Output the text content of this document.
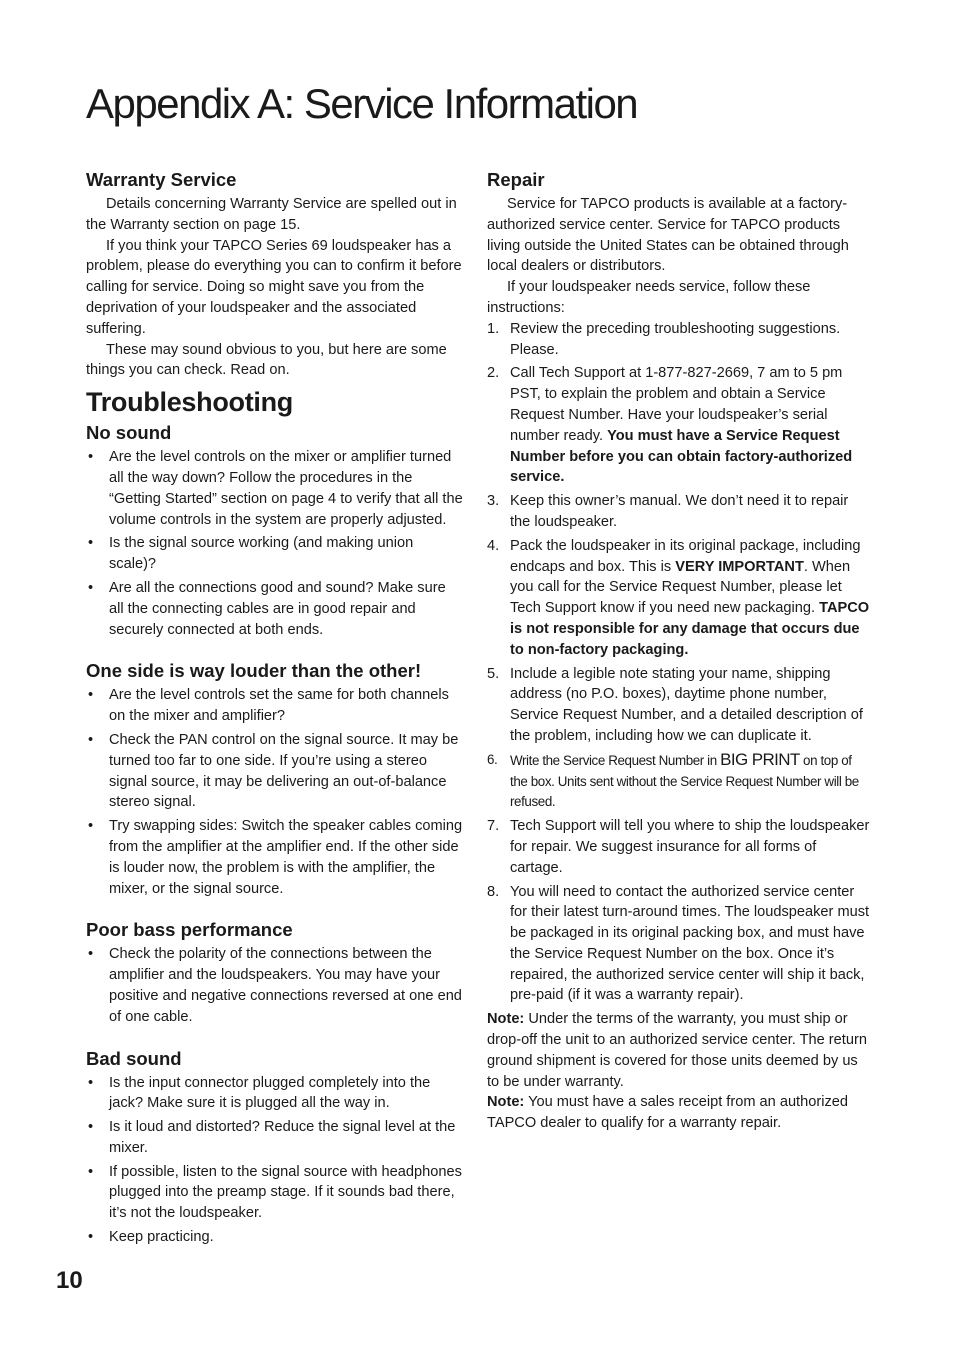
Appendix A: Service Information
Warranty Service

Details concerning Warranty Service are spelled out in the Warranty section on page 15.

If you think your TAPCO Series 69 loudspeaker has a problem, please do everything you can to confirm it before calling for service. Doing so might save you from the deprivation of your loudspeaker and the associated suffering.

These may sound obvious to you, but here are some things you can check. Read on.

Troubleshooting
No sound
• Are the level controls on the mixer or amplifier turned all the way down? Follow the procedures in the “Getting Started” section on page 4 to verify that all the volume controls in the system are properly adjusted.
• Is the signal source working (and making union scale)?
• Are all the connections good and sound? Make sure all the connecting cables are in good repair and securely connected at both ends.
One side is way louder than the other!
• Are the level controls set the same for both channels on the mixer and amplifier?
• Check the PAN control on the signal source. It may be turned too far to one side. If you’re using a stereo signal source, it may be delivering an out-of-balance stereo signal.
• Try swapping sides: Switch the speaker cables coming from the amplifier at the amplifier end. If the other side is louder now, the problem is with the amplifier, the mixer, or the signal source.
Poor bass performance
• Check the polarity of the connections between the amplifier and the loudspeakers. You may have your positive and negative connections reversed at one end of one cable.
Bad sound
• Is the input connector plugged completely into the jack? Make sure it is plugged all the way in.
• Is it loud and distorted? Reduce the signal level at the mixer.
• If possible, listen to the signal source with headphones plugged into the preamp stage. If it sounds bad there, it’s not the loudspeaker.
• Keep practicing.
Repair

Service for TAPCO products is available at a factory-authorized service center. Service for TAPCO products living outside the United States can be obtained through local dealers or distributors.

If your loudspeaker needs service, follow these instructions:

1. Review the preceding troubleshooting suggestions. Please.
2. Call Tech Support at 1-877-827-2669, 7 am to 5 pm PST, to explain the problem and obtain a Service Request Number. Have your loudspeaker’s serial number ready. You must have a Service Request Number before you can obtain factory-authorized service.
3. Keep this owner’s manual. We don’t need it to repair the loudspeaker.
4. Pack the loudspeaker in its original package, including endcaps and box. This is VERY IMPORTANT. When you call for the Service Request Number, please let Tech Support know if you need new packaging. TAPCO is not responsible for any damage that occurs due to non-factory packaging.
5. Include a legible note stating your name, shipping address (no P.O. boxes), daytime phone number, Service Request Number, and a detailed description of the problem, including how we can duplicate it.
6. Write the Service Request Number in BIG PRINT on top of the box. Units sent without the Service Request Number will be refused.
7. Tech Support will tell you where to ship the loudspeaker for repair. We suggest insurance for all forms of cartage.
8. You will need to contact the authorized service center for their latest turn-around times. The loudspeaker must be packaged in its original packing box, and must have the Service Request Number on the box. Once it’s repaired, the authorized service center will ship it back, pre-paid (if it was a warranty repair).

Note: Under the terms of the warranty, you must ship or drop-off the unit to an authorized service center. The return ground shipment is covered for those units deemed by us to be under warranty.

Note: You must have a sales receipt from an authorized TAPCO dealer to qualify for a warranty repair.

10
